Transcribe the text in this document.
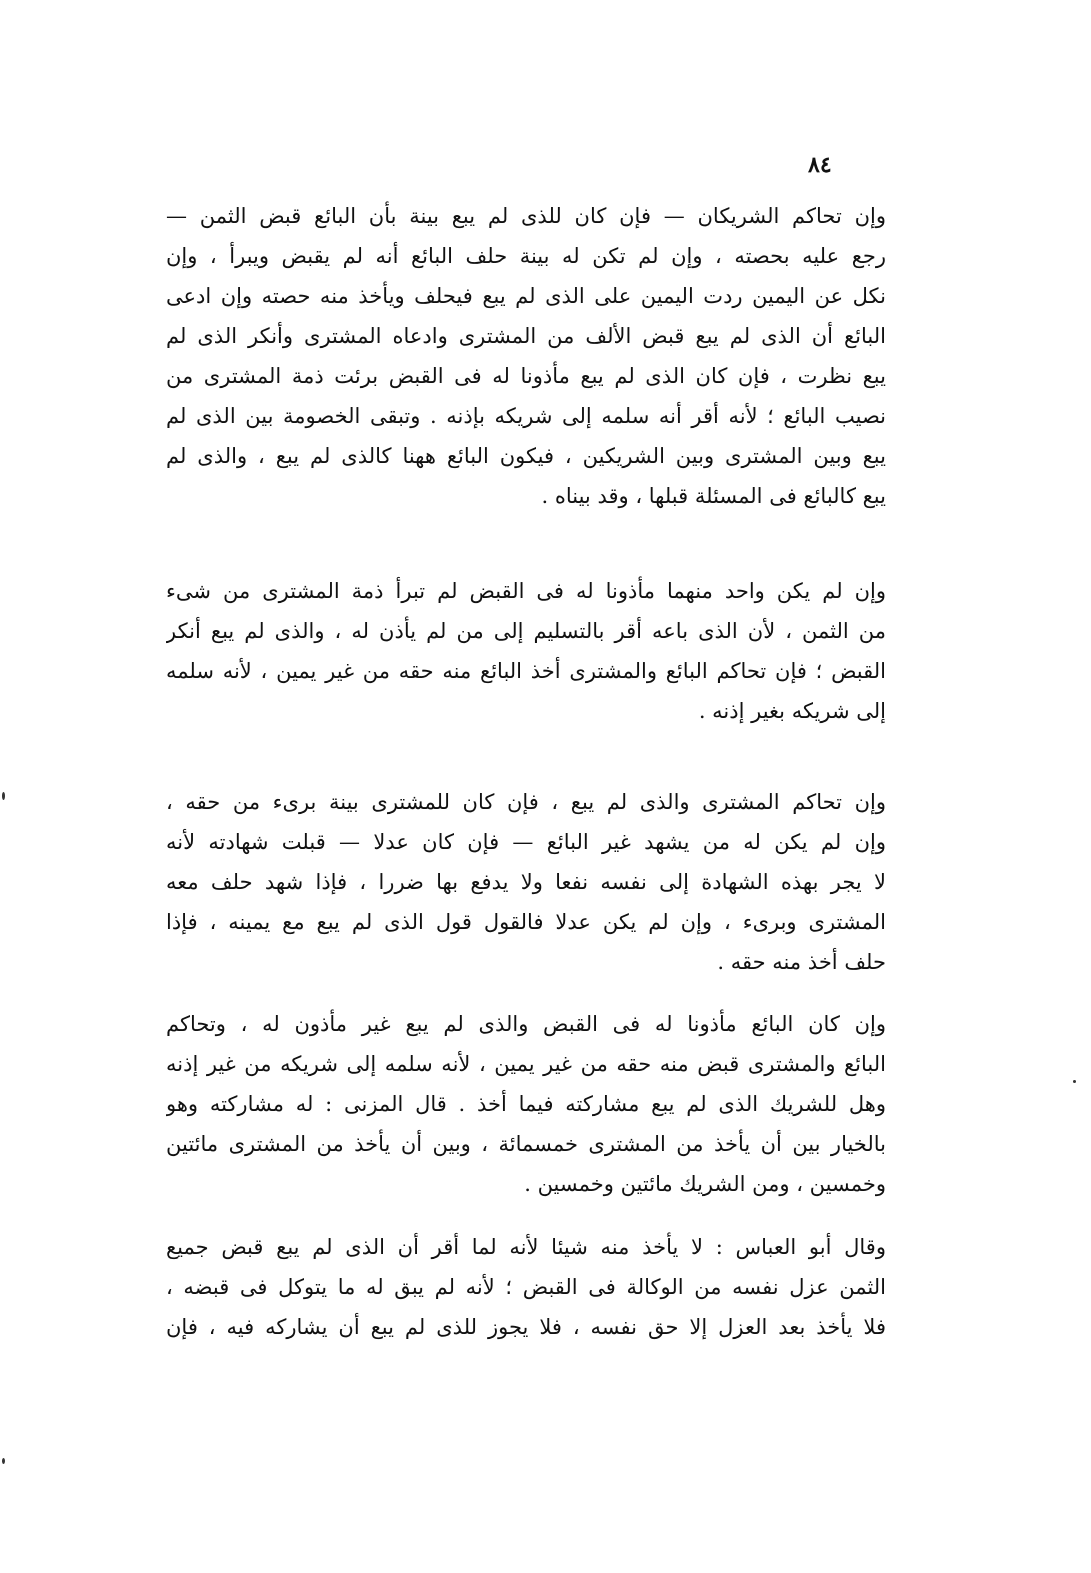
٨٤
وإن تحاكم الشريكان — فإن كان للذى لم يبع بينة بأن البائع قبض الثمن —
رجع عليه بحصته ، وإن لم تكن له بينة حلف البائع أنه لم يقبض ويبرأ ، وإن
نكل عن اليمين ردت اليمين على الذى لم يبع فيحلف ويأخذ منه حصته وإن ادعى
البائع أن الذى لم يبع قبض الألف من المشترى وادعاه المشترى وأنكر الذى لم
يبع نظرت ، فإن كان الذى لم يبع مأذونا له فى القبض برئت ذمة المشترى من
نصيب البائع ؛ لأنه أقر أنه سلمه إلى شريكه بإذنه . وتبقى الخصومة بين الذى لم
يبع وبين المشترى وبين الشريكين ، فيكون البائع ههنا كالذى لم يبع ، والذى لم
يبع كالبائع فى المسئلة قبلها ، وقد بيناه .
وإن لم يكن واحد منهما مأذونا له فى القبض لم تبرأ ذمة المشترى من شىء
من الثمن ، لأن الذى باعه أقر بالتسليم إلى من لم يأذن له ، والذى لم يبع أنكر
القبض ؛ فإن تحاكم البائع والمشترى أخذ البائع منه حقه من غير يمين ، لأنه سلمه
إلى شريكه بغير إذنه .
وإن تحاكم المشترى والذى لم يبع ، فإن كان للمشترى بينة برىء من حقه ،
وإن لم يكن له من يشهد غير البائع — فإن كان عدلا — قبلت شهادته لأنه
لا يجر بهذه الشهادة إلى نفسه نفعا ولا يدفع بها ضررا ، فإذا شهد حلف معه
المشترى وبرىء ، وإن لم يكن عدلا فالقول قول الذى لم يبع مع يمينه ، فإذا
حلف أخذ منه حقه .
وإن كان البائع مأذونا له فى القبض والذى لم يبع غير مأذون له ، وتحاكم
البائع والمشترى قبض منه حقه من غير يمين ، لأنه سلمه إلى شريكه من غير إذنه
وهل للشريك الذى لم يبع مشاركته فيما أخذ . قال المزنى : له مشاركته وهو
بالخيار بين أن يأخذ من المشترى خمسمائة ، وبين أن يأخذ من المشترى مائتين
وخمسين ، ومن الشريك مائتين وخمسين .
وقال أبو العباس : لا يأخذ منه شيئا لأنه لما أقر أن الذى لم يبع قبض جميع
الثمن عزل نفسه من الوكالة فى القبض ؛ لأنه لم يبق له ما يتوكل فى قبضه ،
فلا يأخذ بعد العزل إلا حق نفسه ، فلا يجوز للذى لم يبع أن يشاركه فيه ، فإن
